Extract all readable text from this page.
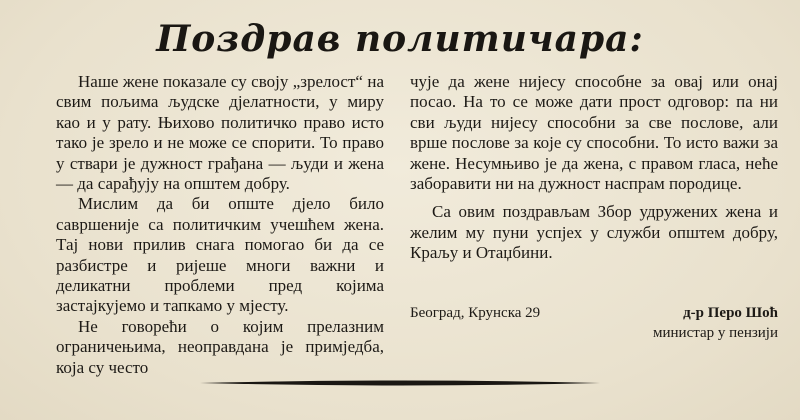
Поздрав политичара:

Наше жене показале су своју „зрелост“ на свим пољима људске дјелатности, у миру као и у рату. Њихово политичко право исто тако је зрело и не може се спорити. То право у ствари је дужност грађана — људи и жена — да сарађују на општем добру.

Мислим да би опште дјело било савршеније са политичким учешћем жена. Тај нови прилив снага помогао би да се разбистре и ријеше многи важни и деликатни проблеми пред којима застајкујемо и тапкамо у мјесту.

Не говорећи о којим прелазним ограничењима, неоправдана је примједба, која су често

чује да жене нијесу способне за овај или онај посао. На то се може дати прост одговор: па ни сви људи нијесу способни за све послове, али врше послове за које су способни. То исто важи за жене. Несумњиво је да жена, с правом гласа, неће заборавити ни на дужност наспрам породице.

Са овим поздрављам Збор удружених жена и желим му пуни успјех у служби општем добру, Краљу и Отаџбини.

Београд, Крунска 29	д-р Перо Шоћ
министар у пензији
